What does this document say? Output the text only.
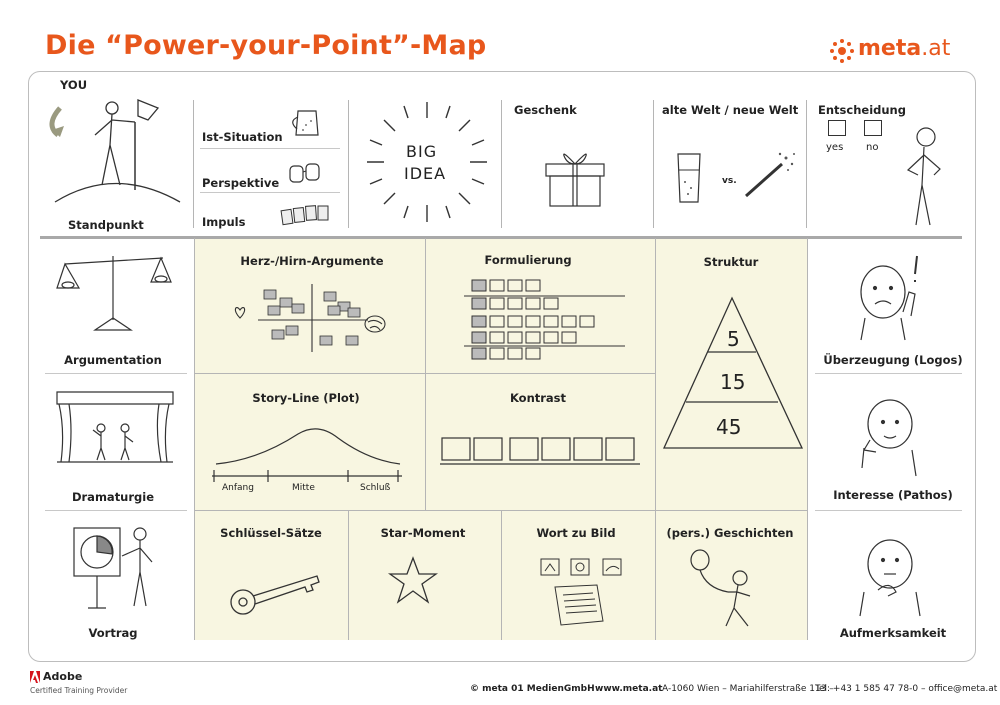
Die “Power-your-Point”-Map	meta.at
YOU
Standpunkt
Ist-Situation
Perspektive
Impuls
BIG
IDEA
Geschenk	alte Welt / neue Welt
vs.
Entscheidung
yes no
Argumentation
Dramaturgie
Vortrag
Herz-/Hirn-Argumente	Formulierung	Struktur
5
15
45
Story-Line (Plot)
Anfang	Mitte	Schluß
Kontrast
Schlüssel-Sätze	Star-Moment	Wort zu Bild	(pers.) Geschichten
Überzeugung (Logos)
Interesse (Pathos)
Aufmerksamkeit
Adobe
Certified Training Provider	© meta 01 MedienGmbH www.meta.at A-1060 Wien – Mariahilferstraße 113 –
Tel: +43 1 585 47 78-0 – office@meta.at
